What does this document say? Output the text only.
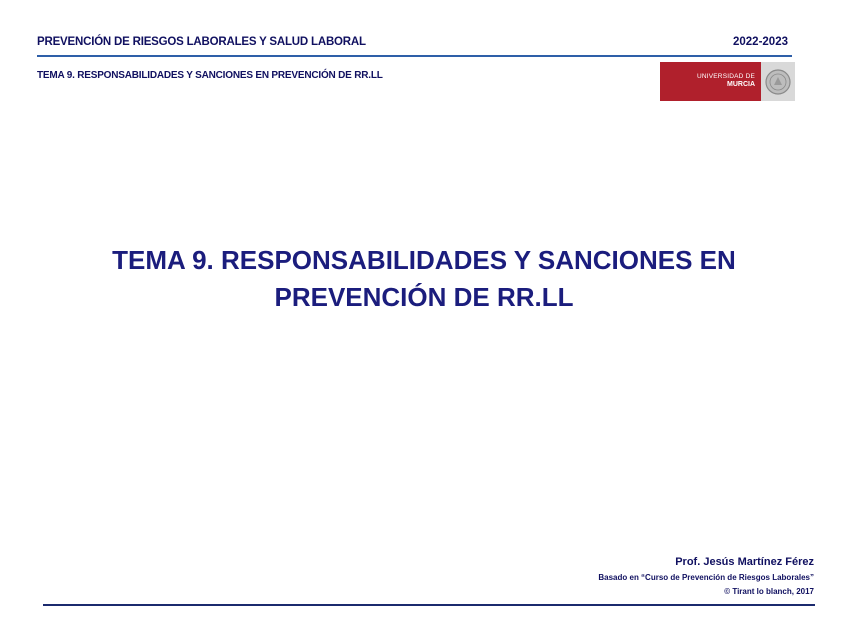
PREVENCIÓN DE RIESGOS LABORALES Y SALUD LABORAL	2022-2023
TEMA 9. RESPONSABILIDADES Y SANCIONES EN PREVENCIÓN DE RR.LL	UNIVERSIDAD DE
MURCIA
TEMA 9. RESPONSABILIDADES Y SANCIONES EN
PREVENCIÓN DE RR.LL
Prof. Jesús Martínez Férez
Basado en “Curso de Prevención de Riesgos Laborales”
© Tirant lo blanch, 2017
